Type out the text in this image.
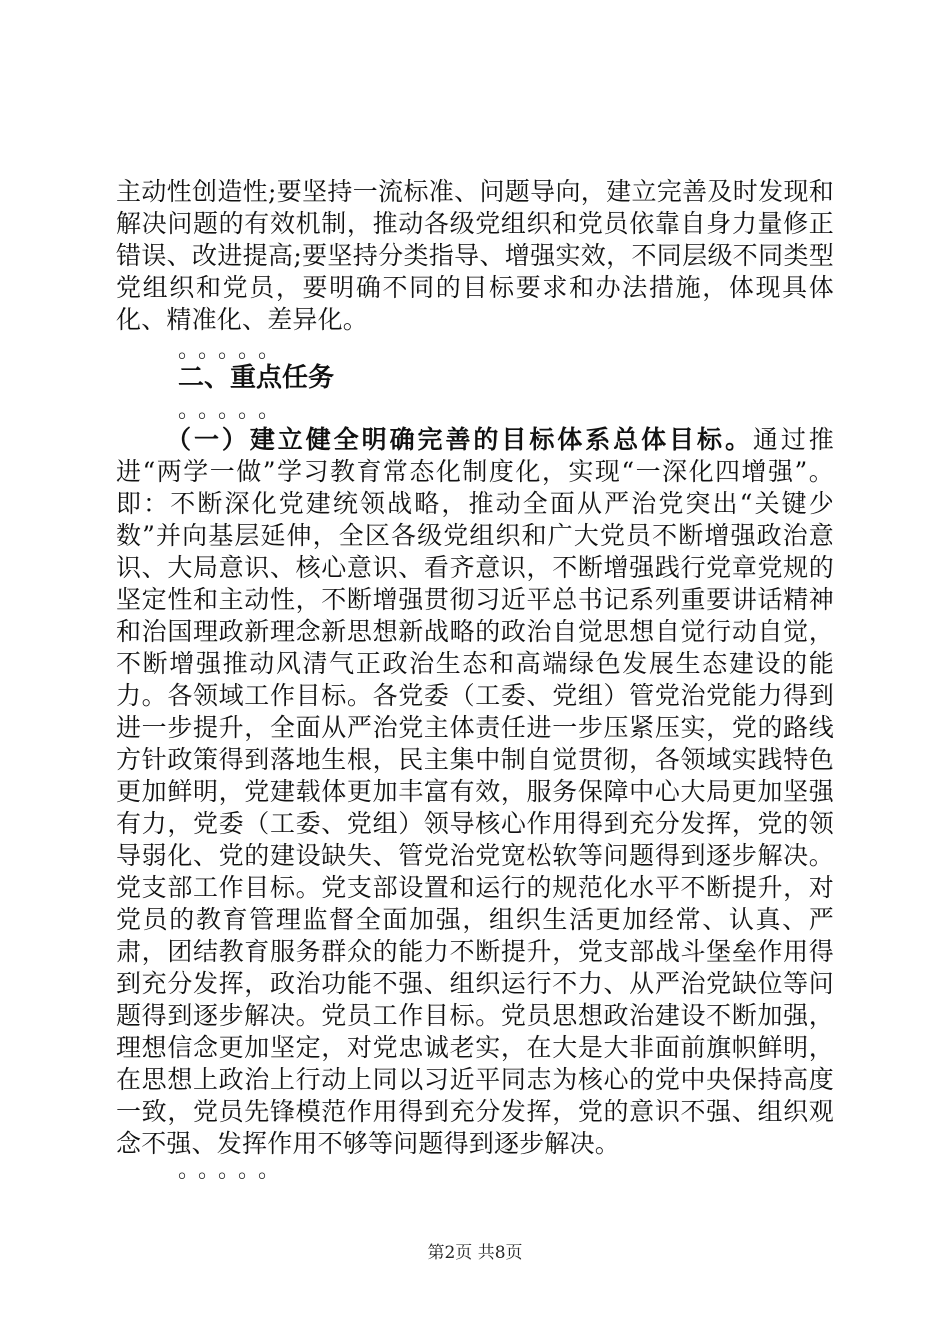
主动性创造性;要坚持一流标准、问题导向，建立完善及时发现和解决问题的有效机制，推动各级党组织和党员依靠自身力量修正错误、改进提高;要坚持分类指导、增强实效，不同层级不同类型党组织和党员，要明确不同的目标要求和办法措施，体现具体化、精准化、差异化。

。。。。。
二、重点任务
。。。。。

（一）建立健全明确完善的目标体系总体目标。通过推进“两学一做”学习教育常态化制度化，实现“一深化四增强”。即：不断深化党建统领战略，推动全面从严治党突出“关键少数”并向基层延伸，全区各级党组织和广大党员不断增强政治意识、大局意识、核心意识、看齐意识，不断增强践行党章党规的坚定性和主动性，不断增强贯彻习近平总书记系列重要讲话精神和治国理政新理念新思想新战略的政治自觉思想自觉行动自觉，不断增强推动风清气正政治生态和高端绿色发展生态建设的能力。各领域工作目标。各党委（工委、党组）管党治党能力得到进一步提升，全面从严治党主体责任进一步压紧压实，党的路线方针政策得到落地生根，民主集中制自觉贯彻，各领域实践特色更加鲜明，党建载体更加丰富有效，服务保障中心大局更加坚强有力，党委（工委、党组）领导核心作用得到充分发挥，党的领导弱化、党的建设缺失、管党治党宽松软等问题得到逐步解决。党支部工作目标。党支部设置和运行的规范化水平不断提升，对党员的教育管理监督全面加强，组织生活更加经常、认真、严肃，团结教育服务群众的能力不断提升，党支部战斗堡垒作用得到充分发挥，政治功能不强、组织运行不力、从严治党缺位等问题得到逐步解决。党员工作目标。党员思想政治建设不断加强，理想信念更加坚定，对党忠诚老实，在大是大非面前旗帜鲜明，在思想上政治上行动上同以习近平同志为核心的党中央保持高度一致，党员先锋模范作用得到充分发挥，党的意识不强、组织观念不强、发挥作用不够等问题得到逐步解决。

。。。。。
第2页 共8页
